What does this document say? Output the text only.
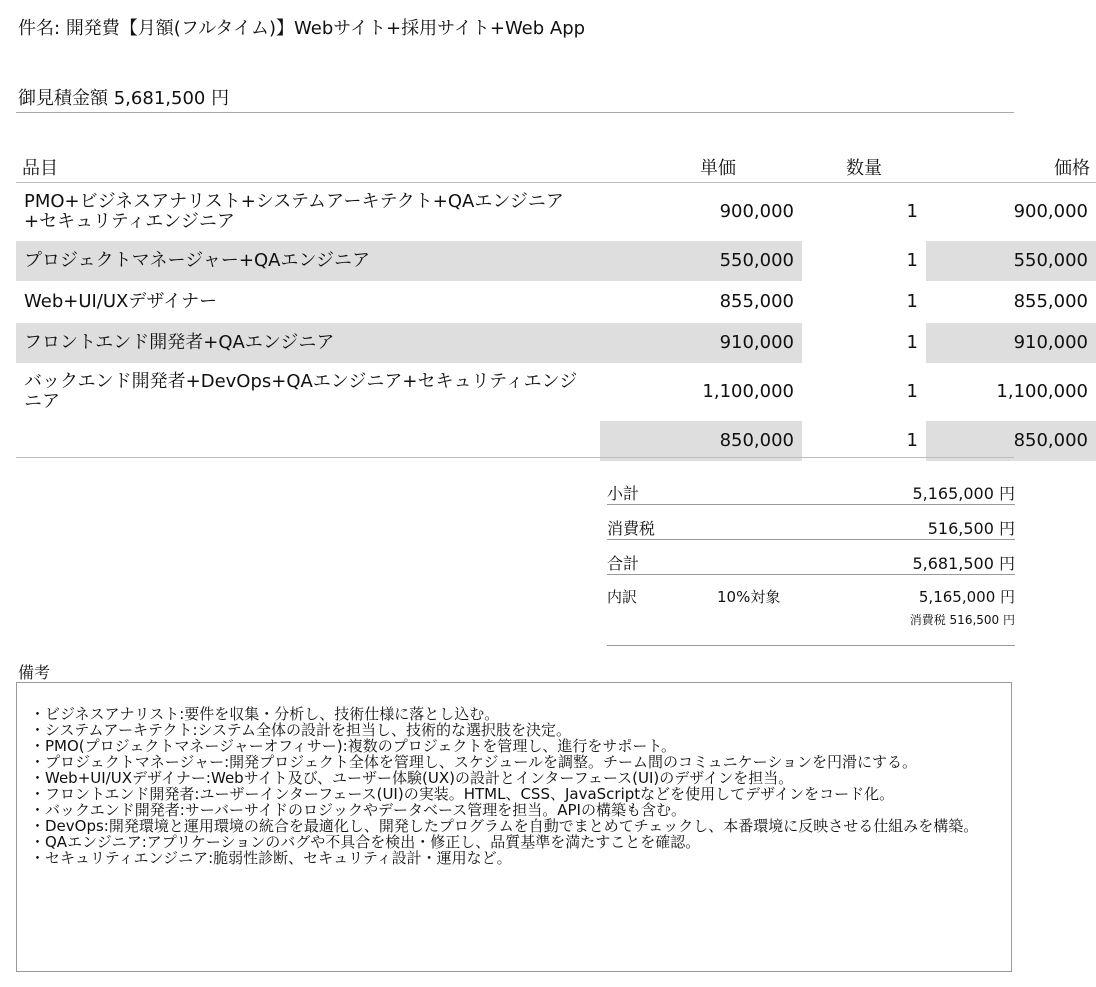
件名: 開発費【月額(フルタイム)】Webサイト+採用サイト+Web App
御見積金額 5,681,500 円
品目	単価	数量	価格
PMO+ビジネスアナリスト+システムアーキテクト+QAエンジニア+セキュリティエンジニア	900,000	1	900,000
プロジェクトマネージャー+QAエンジニア	550,000	1	550,000
Web+UI/UXデザイナー	855,000	1	855,000
フロントエンド開発者+QAエンジニア	910,000	1	910,000
バックエンド開発者+DevOps+QAエンジニア+セキュリティエンジニア	1,100,000	1	1,100,000
	850,000	1	850,000
小計	5,165,000 円
消費税	516,500 円
合計	5,681,500 円
内訳	10%対象	5,165,000 円
消費税 516,500 円
備考
・ビジネスアナリスト:要件を収集・分析し、技術仕様に落とし込む。
・システムアーキテクト:システム全体の設計を担当し、技術的な選択肢を決定。
・PMO(プロジェクトマネージャーオフィサー):複数のプロジェクトを管理し、進行をサポート。
・プロジェクトマネージャー:開発プロジェクト全体を管理し、スケジュールを調整。チーム間のコミュニケーションを円滑にする。
・Web+UI/UXデザイナー:Webサイト及び、ユーザー体験(UX)の設計とインターフェース(UI)のデザインを担当。
・フロントエンド開発者:ユーザーインターフェース(UI)の実装。HTML、CSS、JavaScriptなどを使用してデザインをコード化。
・バックエンド開発者:サーバーサイドのロジックやデータベース管理を担当。APIの構築も含む。
・DevOps:開発環境と運用環境の統合を最適化し、開発したプログラムを自動でまとめてチェックし、本番環境に反映させる仕組みを構築。
・QAエンジニア:アプリケーションのバグや不具合を検出・修正し、品質基準を満たすことを確認。
・セキュリティエンジニア:脆弱性診断、セキュリティ設計・運用など。
